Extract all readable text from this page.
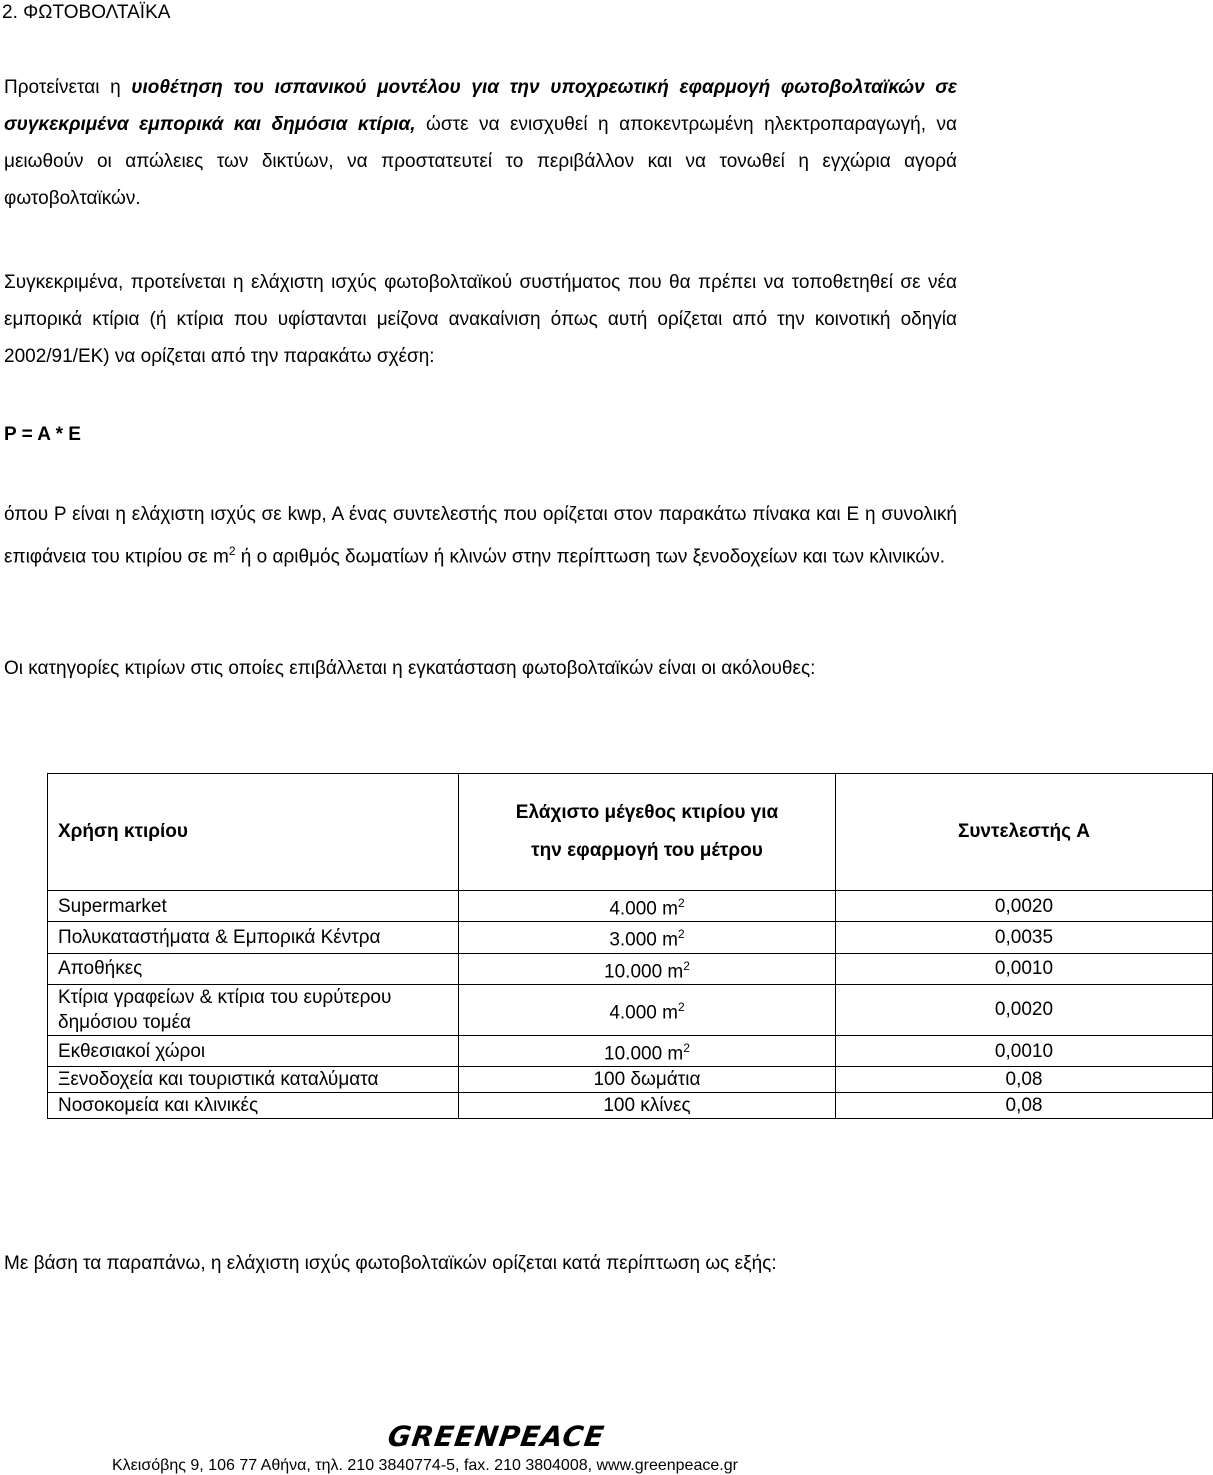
2. ΦΩΤΟΒΟΛΤΑΪΚΑ

Προτείνεται η υιοθέτηση του ισπανικού μοντέλου για την υποχρεωτική εφαρμογή φωτοβολταϊκών σε συγκεκριμένα εμπορικά και δημόσια κτίρια, ώστε να ενισχυθεί η αποκεντρωμένη ηλεκτροπαραγωγή, να μειωθούν οι απώλειες των δικτύων, να προστατευτεί το περιβάλλον και να τονωθεί η εγχώρια αγορά φωτοβολταϊκών.

Συγκεκριμένα, προτείνεται η ελάχιστη ισχύς φωτοβολταϊκού συστήματος που θα πρέπει να τοποθετηθεί σε νέα εμπορικά κτίρια (ή κτίρια που υφίστανται μείζονα ανακαίνιση όπως αυτή ορίζεται από την κοινοτική οδηγία 2002/91/ΕΚ) να ορίζεται από την παρακάτω σχέση:

P = A * E

όπου P είναι η ελάχιστη ισχύς σε kwp, A ένας συντελεστής που ορίζεται στον παρακάτω πίνακα και E η συνολική επιφάνεια του κτιρίου σε $m^2$ ή ο αριθμός δωματίων ή κλινών στην περίπτωση των ξενοδοχείων και των κλινικών.

Οι κατηγορίες κτιρίων στις οποίες επιβάλλεται η εγκατάσταση φωτοβολταϊκών είναι οι ακόλουθες:

Χρήση κτιρίου	Ελάχιστο μέγεθος κτιρίου για την εφαρμογή του μέτρου	Συντελεστής A
Supermarket	4.000 $m^2$	0,0020
Πολυκαταστήματα & Εμπορικά Κέντρα	3.000 $m^2$	0,0035
Αποθήκες	10.000 $m^2$	0,0010
Κτίρια γραφείων & κτίρια του ευρύτερου δημόσιου τομέα	4.000 $m^2$	0,0020
Εκθεσιακοί χώροι	10.000 $m^2$	0,0010
Ξενοδοχεία και τουριστικά καταλύματα	100 δωμάτια	0,08
Νοσοκομεία και κλινικές	100 κλίνες	0,08
Με βάση τα παραπάνω, η ελάχιστη ισχύς φωτοβολταϊκών ορίζεται κατά περίπτωση ως εξής:
GREENPEACE
Κλεισόβης 9, 106 77 Αθήνα, τηλ. 210 3840774-5, fax. 210 3804008, www.greenpeace.gr
